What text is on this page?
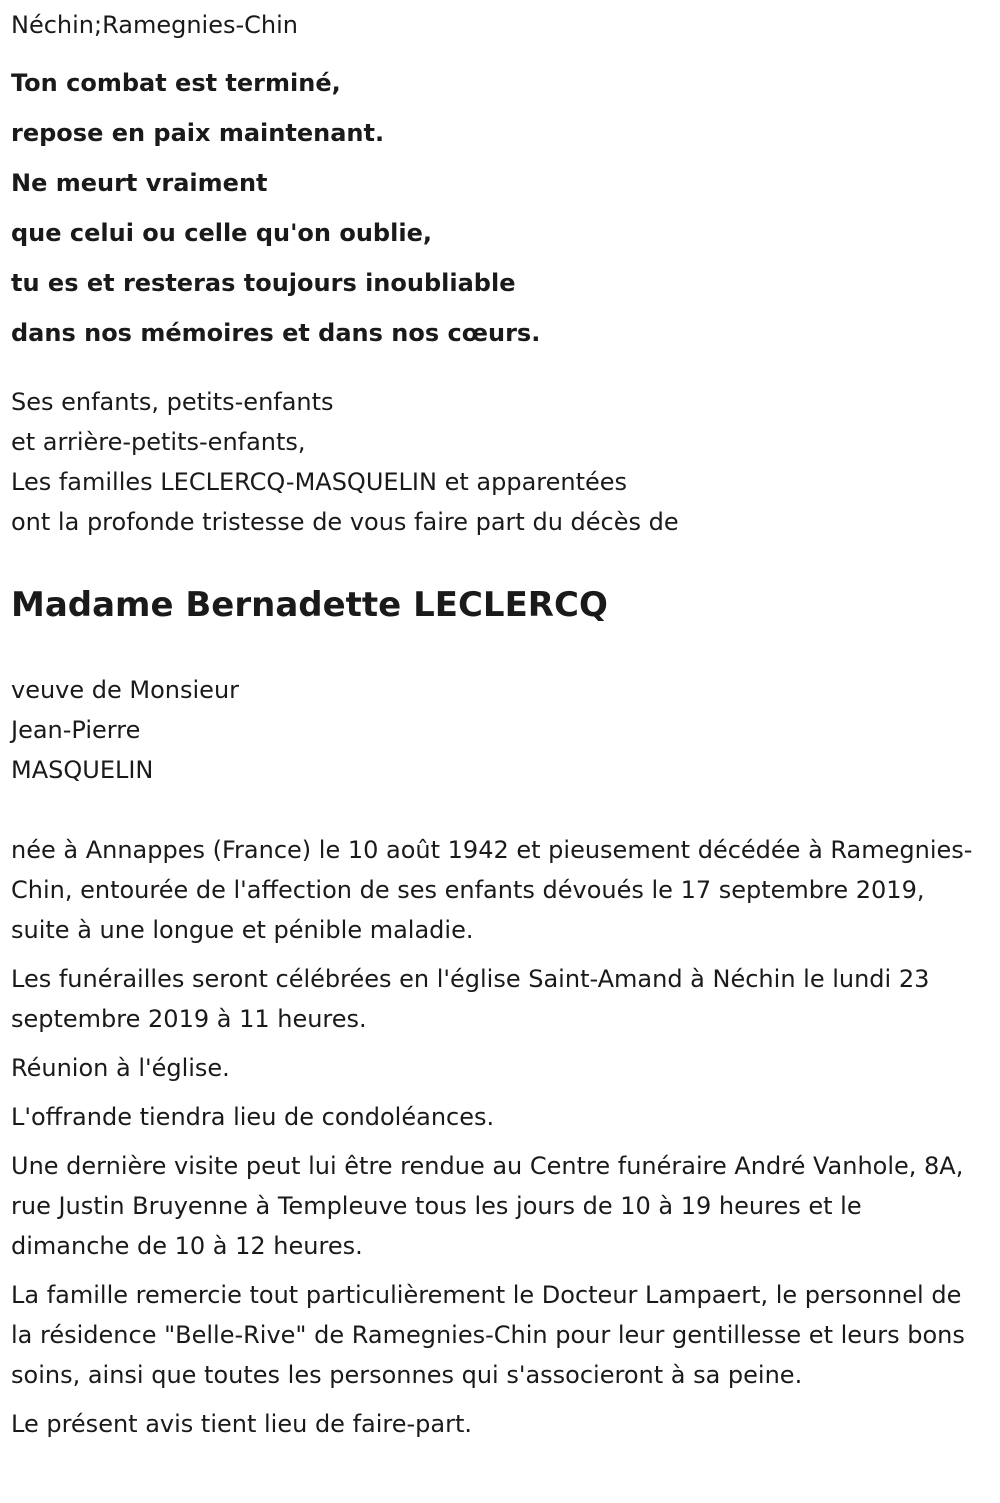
Néchin;Ramegnies-Chin
Ton combat est terminé,
repose en paix maintenant.
Ne meurt vraiment
que celui ou celle qu'on oublie,
tu es et resteras toujours inoubliable
dans nos mémoires et dans nos cœurs.
Ses enfants, petits-enfants
et arrière-petits-enfants,
Les familles LECLERCQ-MASQUELIN et apparentées
ont la profonde tristesse de vous faire part du décès de
Madame Bernadette LECLERCQ
veuve de Monsieur
Jean-Pierre
MASQUELIN

née à Annappes (France) le 10 août 1942 et pieusement décédée à Ramegnies-Chin, entourée de l'affection de ses enfants dévoués le 17 septembre 2019, suite à une longue et pénible maladie.

Les funérailles seront célébrées en l'église Saint-Amand à Néchin le lundi 23 septembre 2019 à 11 heures.

Réunion à l'église.

L'offrande tiendra lieu de condoléances.

Une dernière visite peut lui être rendue au Centre funéraire André Vanhole, 8A, rue Justin Bruyenne à Templeuve tous les jours de 10 à 19 heures et le dimanche de 10 à 12 heures.

La famille remercie tout particulièrement le Docteur Lampaert, le personnel de la résidence "Belle-Rive" de Ramegnies-Chin pour leur gentillesse et leurs bons soins, ainsi que toutes les personnes qui s'associeront à sa peine.

Le présent avis tient lieu de faire-part.
